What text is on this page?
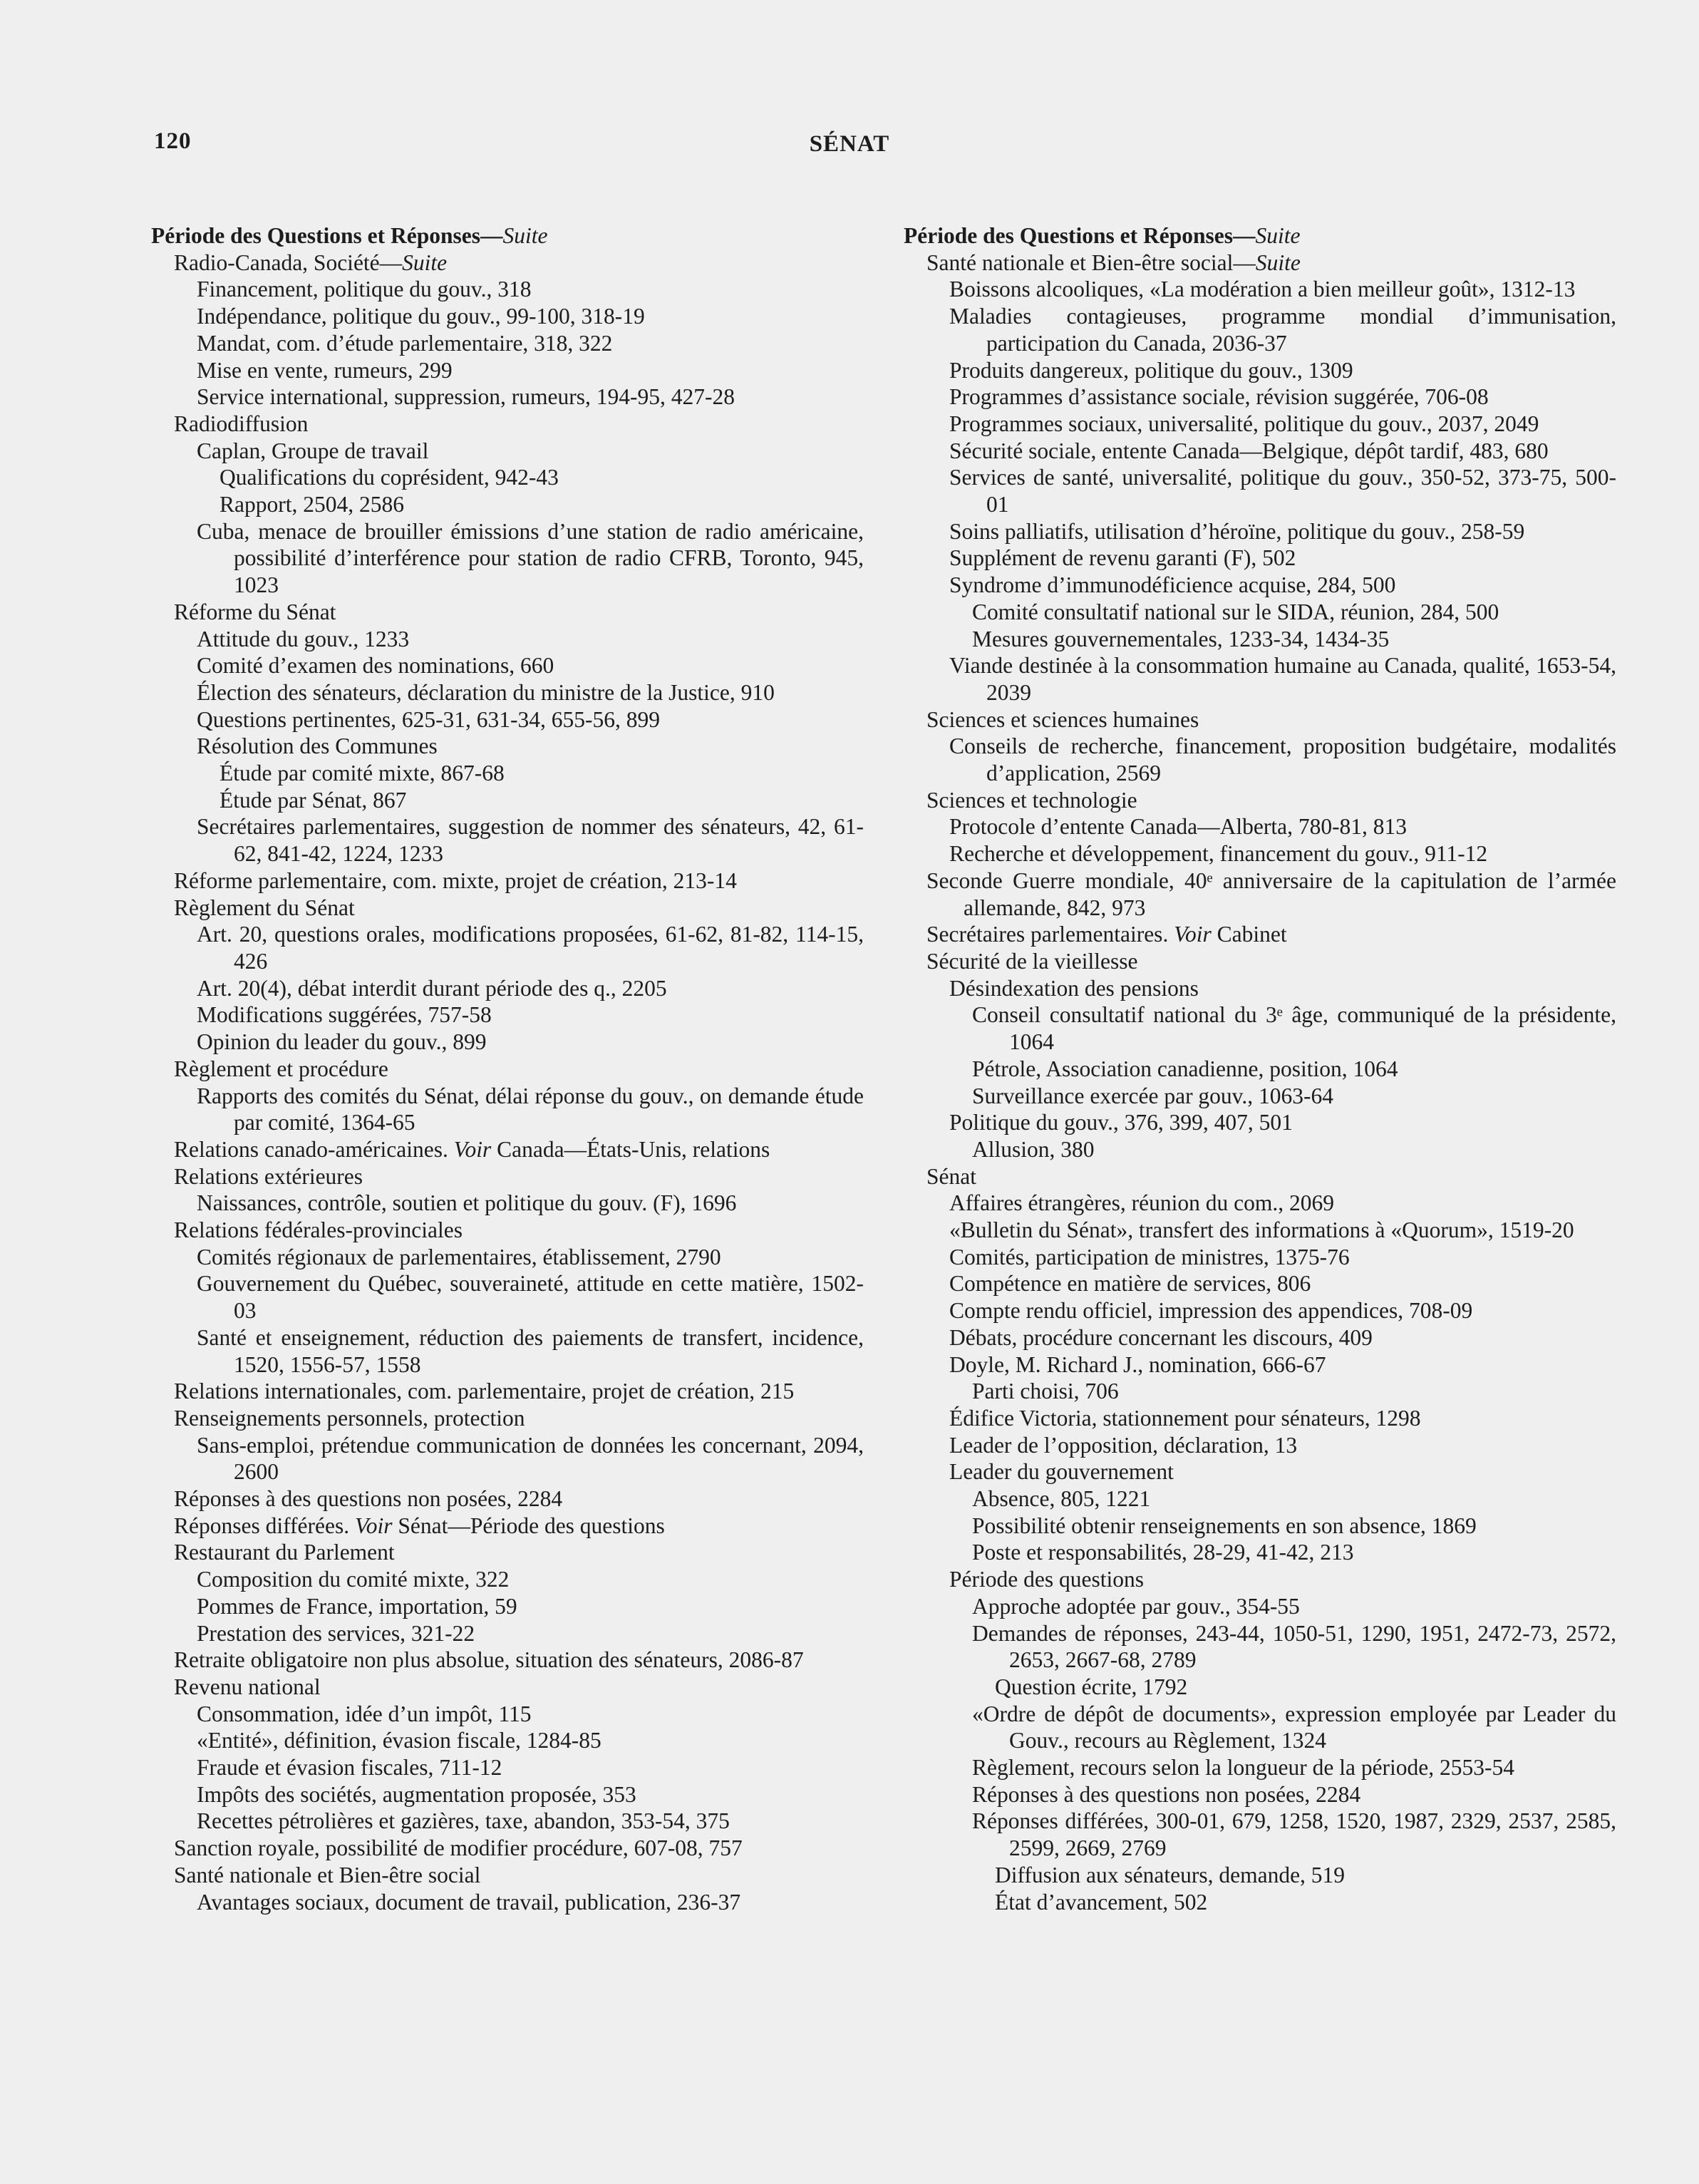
120	SÉNAT
Période des Questions et Réponses—Suite
Radio-Canada, Société—Suite
Financement, politique du gouv., 318
Indépendance, politique du gouv., 99-100, 318-19
Mandat, com. d’étude parlementaire, 318, 322
Mise en vente, rumeurs, 299
Service international, suppression, rumeurs, 194-95, 427-28
Radiodiffusion
Caplan, Groupe de travail
Qualifications du coprésident, 942-43
Rapport, 2504, 2586
Cuba, menace de brouiller émissions d’une station de radio américaine, possibilité d’interférence pour station de radio CFRB, Toronto, 945, 1023
Réforme du Sénat
Attitude du gouv., 1233
Comité d’examen des nominations, 660
Élection des sénateurs, déclaration du ministre de la Justice, 910
Questions pertinentes, 625-31, 631-34, 655-56, 899
Résolution des Communes
Étude par comité mixte, 867-68
Étude par Sénat, 867
Secrétaires parlementaires, suggestion de nommer des sénateurs, 42, 61-62, 841-42, 1224, 1233
Réforme parlementaire, com. mixte, projet de création, 213-14
Règlement du Sénat
Art. 20, questions orales, modifications proposées, 61-62, 81-82, 114-15, 426
Art. 20(4), débat interdit durant période des q., 2205
Modifications suggérées, 757-58
Opinion du leader du gouv., 899
Règlement et procédure
Rapports des comités du Sénat, délai réponse du gouv., on demande étude par comité, 1364-65
Relations canado-américaines. Voir Canada—États-Unis, relations
Relations extérieures
Naissances, contrôle, soutien et politique du gouv. (F), 1696
Relations fédérales-provinciales
Comités régionaux de parlementaires, établissement, 2790
Gouvernement du Québec, souveraineté, attitude en cette matière, 1502-03
Santé et enseignement, réduction des paiements de transfert, incidence, 1520, 1556-57, 1558
Relations internationales, com. parlementaire, projet de création, 215
Renseignements personnels, protection
Sans-emploi, prétendue communication de données les concernant, 2094, 2600
Réponses à des questions non posées, 2284
Réponses différées. Voir Sénat—Période des questions
Restaurant du Parlement
Composition du comité mixte, 322
Pommes de France, importation, 59
Prestation des services, 321-22
Retraite obligatoire non plus absolue, situation des sénateurs, 2086-87
Revenu national
Consommation, idée d’un impôt, 115
«Entité», définition, évasion fiscale, 1284-85
Fraude et évasion fiscales, 711-12
Impôts des sociétés, augmentation proposée, 353
Recettes pétrolières et gazières, taxe, abandon, 353-54, 375
Sanction royale, possibilité de modifier procédure, 607-08, 757
Santé nationale et Bien-être social
Avantages sociaux, document de travail, publication, 236-37
Période des Questions et Réponses—Suite
Santé nationale et Bien-être social—Suite
Boissons alcooliques, «La modération a bien meilleur goût», 1312-13
Maladies contagieuses, programme mondial d’immunisation, participation du Canada, 2036-37
Produits dangereux, politique du gouv., 1309
Programmes d’assistance sociale, révision suggérée, 706-08
Programmes sociaux, universalité, politique du gouv., 2037, 2049
Sécurité sociale, entente Canada—Belgique, dépôt tardif, 483, 680
Services de santé, universalité, politique du gouv., 350-52, 373-75, 500-01
Soins palliatifs, utilisation d’héroïne, politique du gouv., 258-59
Supplément de revenu garanti (F), 502
Syndrome d’immunodéficience acquise, 284, 500
Comité consultatif national sur le SIDA, réunion, 284, 500
Mesures gouvernementales, 1233-34, 1434-35
Viande destinée à la consommation humaine au Canada, qualité, 1653-54, 2039
Sciences et sciences humaines
Conseils de recherche, financement, proposition budgétaire, modalités d’application, 2569
Sciences et technologie
Protocole d’entente Canada—Alberta, 780-81, 813
Recherche et développement, financement du gouv., 911-12
Seconde Guerre mondiale, 40ᵉ anniversaire de la capitulation de l’armée allemande, 842, 973
Secrétaires parlementaires. Voir Cabinet
Sécurité de la vieillesse
Désindexation des pensions
Conseil consultatif national du 3ᵉ âge, communiqué de la présidente, 1064
Pétrole, Association canadienne, position, 1064
Surveillance exercée par gouv., 1063-64
Politique du gouv., 376, 399, 407, 501
Allusion, 380
Sénat
Affaires étrangères, réunion du com., 2069
«Bulletin du Sénat», transfert des informations à «Quorum», 1519-20
Comités, participation de ministres, 1375-76
Compétence en matière de services, 806
Compte rendu officiel, impression des appendices, 708-09
Débats, procédure concernant les discours, 409
Doyle, M. Richard J., nomination, 666-67
Parti choisi, 706
Édifice Victoria, stationnement pour sénateurs, 1298
Leader de l’opposition, déclaration, 13
Leader du gouvernement
Absence, 805, 1221
Possibilité obtenir renseignements en son absence, 1869
Poste et responsabilités, 28-29, 41-42, 213
Période des questions
Approche adoptée par gouv., 354-55
Demandes de réponses, 243-44, 1050-51, 1290, 1951, 2472-73, 2572, 2653, 2667-68, 2789
Question écrite, 1792
«Ordre de dépôt de documents», expression employée par Leader du Gouv., recours au Règlement, 1324
Règlement, recours selon la longueur de la période, 2553-54
Réponses à des questions non posées, 2284
Réponses différées, 300-01, 679, 1258, 1520, 1987, 2329, 2537, 2585, 2599, 2669, 2769
Diffusion aux sénateurs, demande, 519
État d’avancement, 502
